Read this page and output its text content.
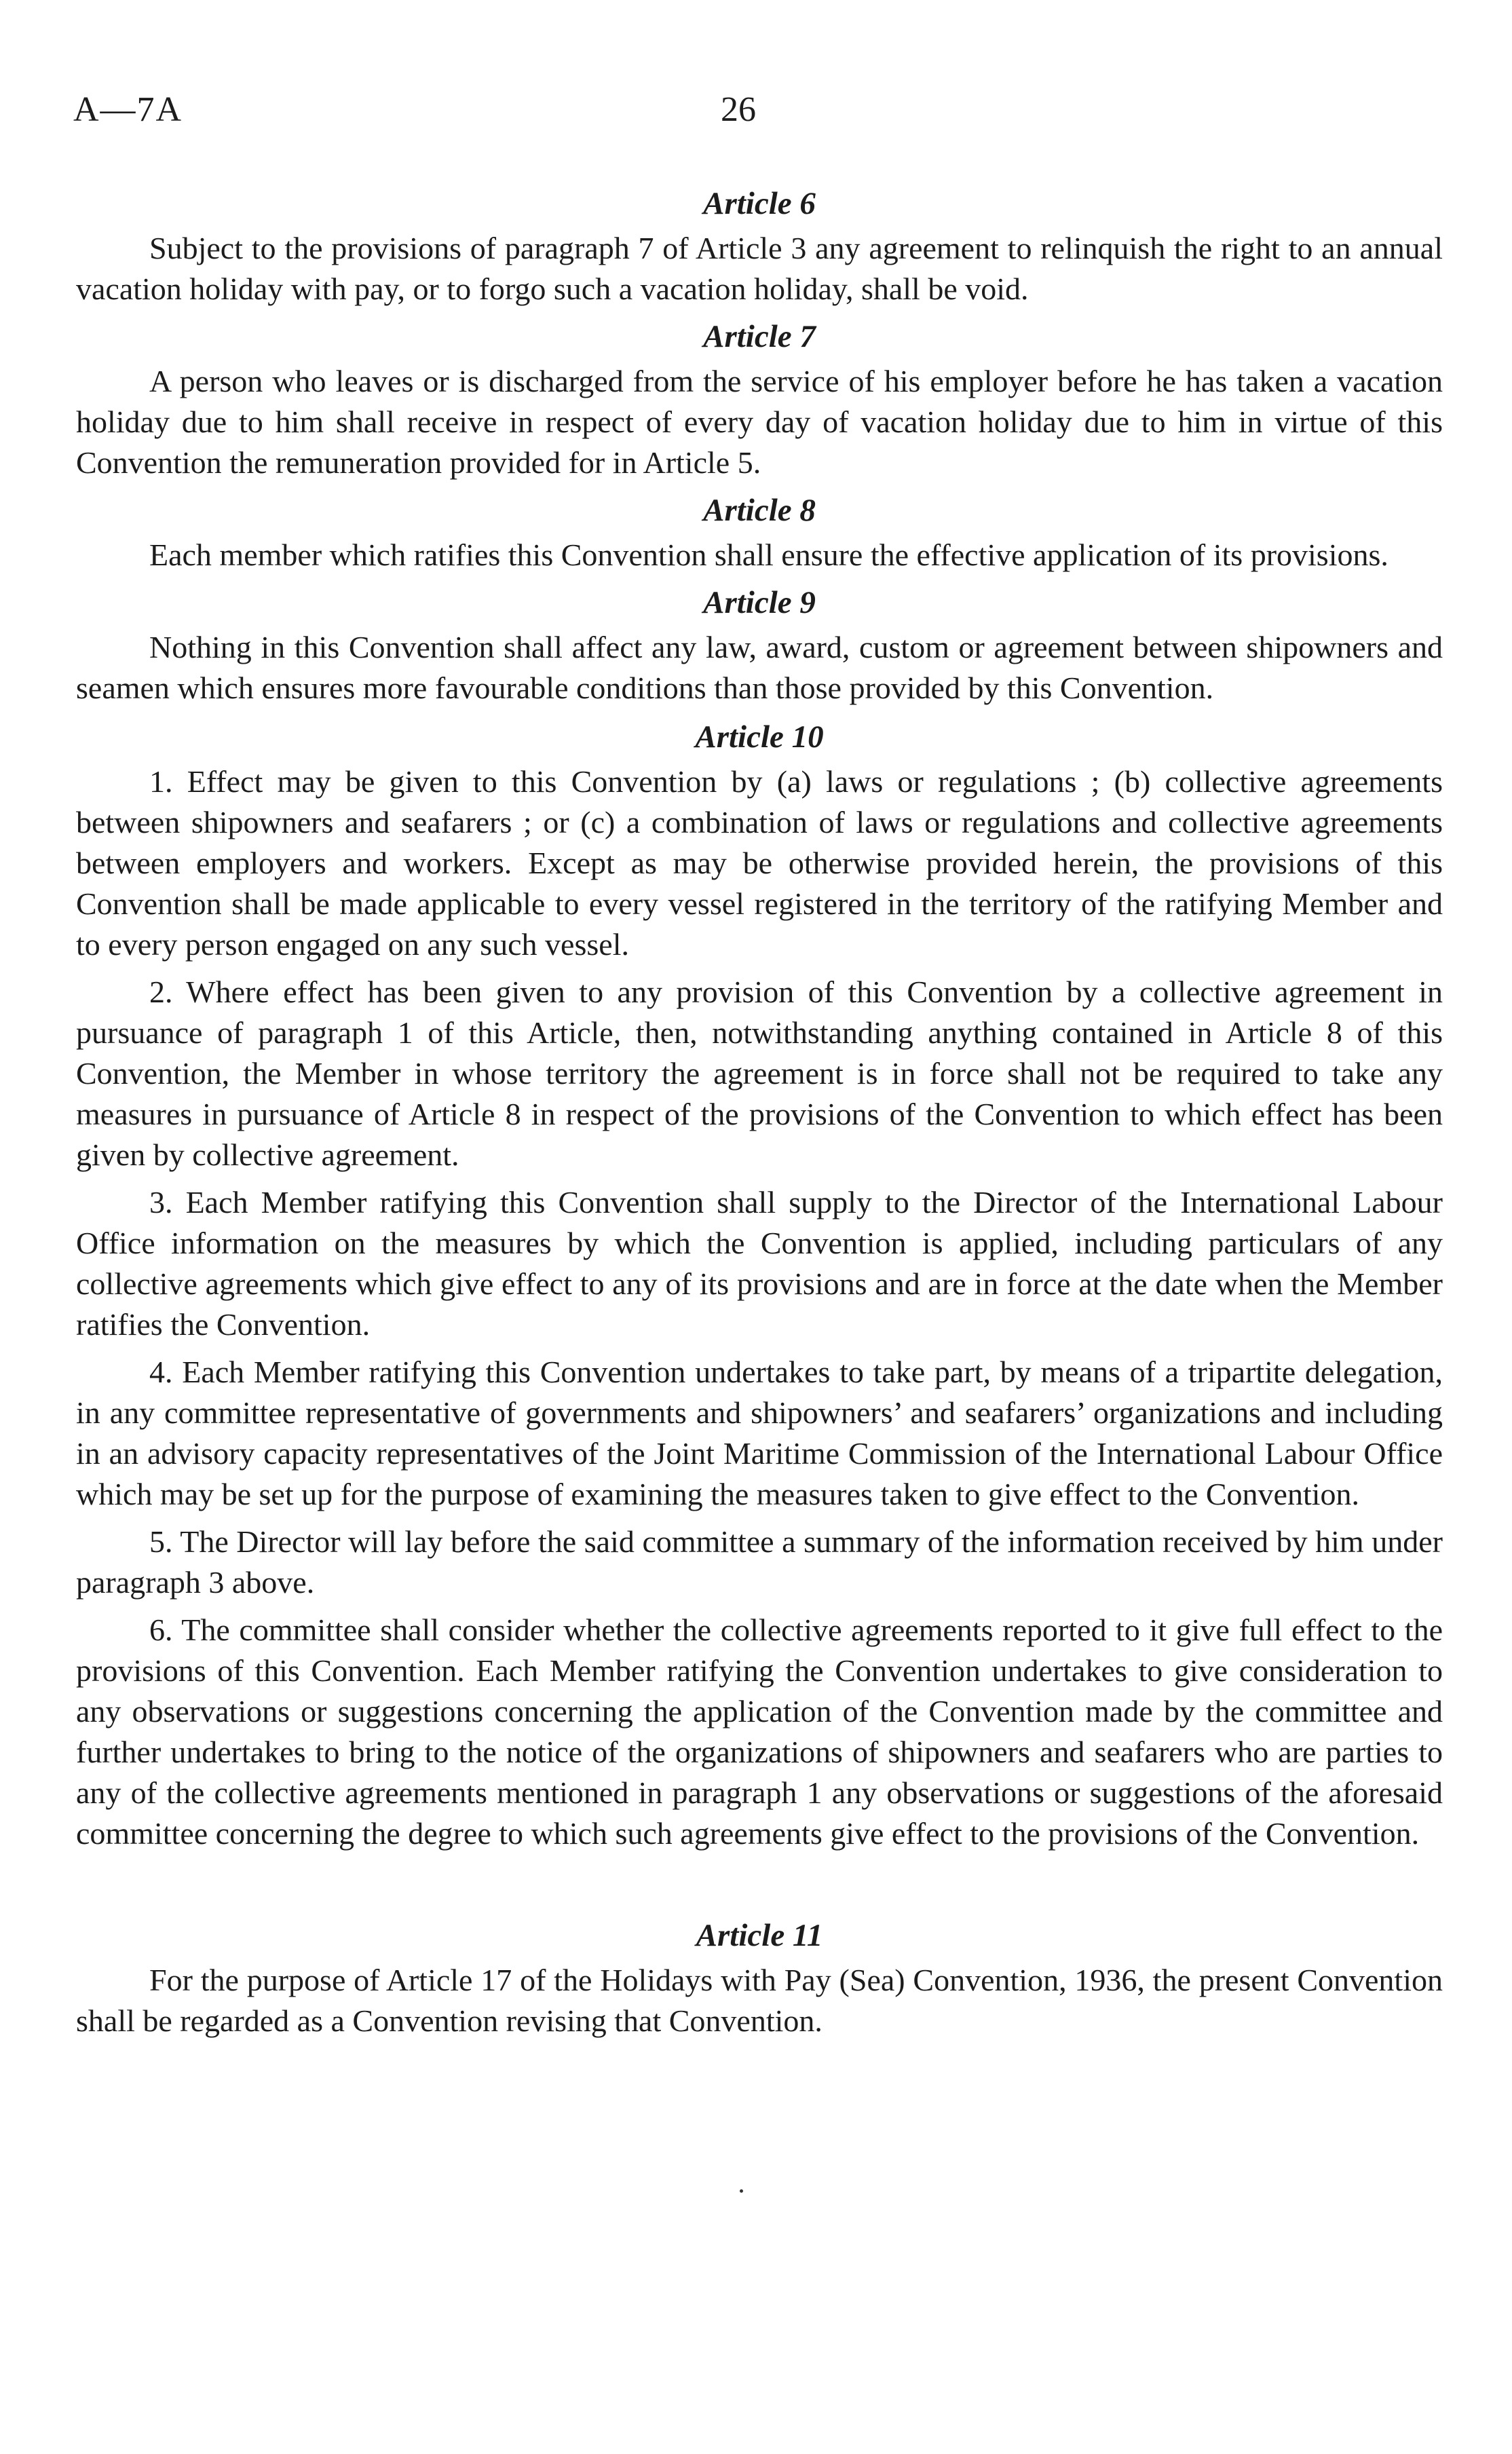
A—7A	26
Article 6

Subject to the provisions of paragraph 7 of Article 3 any agreement to relinquish the right to an annual vacation holiday with pay, or to forgo such a vacation holiday, shall be void.

Article 7

A person who leaves or is discharged from the service of his employer before he has taken a vacation holiday due to him shall receive in respect of every day of vacation holiday due to him in virtue of this Convention the remuneration provided for in Article 5.

Article 8

Each member which ratifies this Convention shall ensure the effective application of its provisions.

Article 9

Nothing in this Convention shall affect any law, award, custom or agreement between shipowners and seamen which ensures more favourable conditions than those provided by this Convention.

Article 10

1. Effect may be given to this Convention by (a) laws or regulations ; (b) collective agreements between shipowners and seafarers ; or (c) a combination of laws or regulations and collective agreements between employers and workers. Except as may be otherwise provided herein, the provisions of this Convention shall be made applicable to every vessel registered in the territory of the ratifying Member and to every person engaged on any such vessel.

2. Where effect has been given to any provision of this Convention by a collective agreement in pursuance of paragraph 1 of this Article, then, notwithstanding anything contained in Article 8 of this Convention, the Member in whose territory the agreement is in force shall not be required to take any measures in pursuance of Article 8 in respect of the provisions of the Convention to which effect has been given by collective agreement.

3. Each Member ratifying this Convention shall supply to the Director of the International Labour Office information on the measures by which the Convention is applied, including particulars of any collective agreements which give effect to any of its provisions and are in force at the date when the Member ratifies the Convention.

4. Each Member ratifying this Convention undertakes to take part, by means of a tripartite delegation, in any committee representative of governments and shipowners’ and seafarers’ organizations and including in an advisory capacity representatives of the Joint Maritime Commission of the International Labour Office which may be set up for the purpose of examining the measures taken to give effect to the Convention.

5. The Director will lay before the said committee a summary of the information received by him under paragraph 3 above.

6. The committee shall consider whether the collective agreements reported to it give full effect to the provisions of this Convention. Each Member ratifying the Convention undertakes to give consideration to any observations or suggestions concerning the application of the Convention made by the committee and further undertakes to bring to the notice of the organizations of shipowners and seafarers who are parties to any of the collective agreements mentioned in paragraph 1 any observations or suggestions of the aforesaid committee concerning the degree to which such agreements give effect to the provisions of the Convention.

Article 11

For the purpose of Article 17 of the Holidays with Pay (Sea) Convention, 1936, the present Convention shall be regarded as a Convention revising that Convention.
